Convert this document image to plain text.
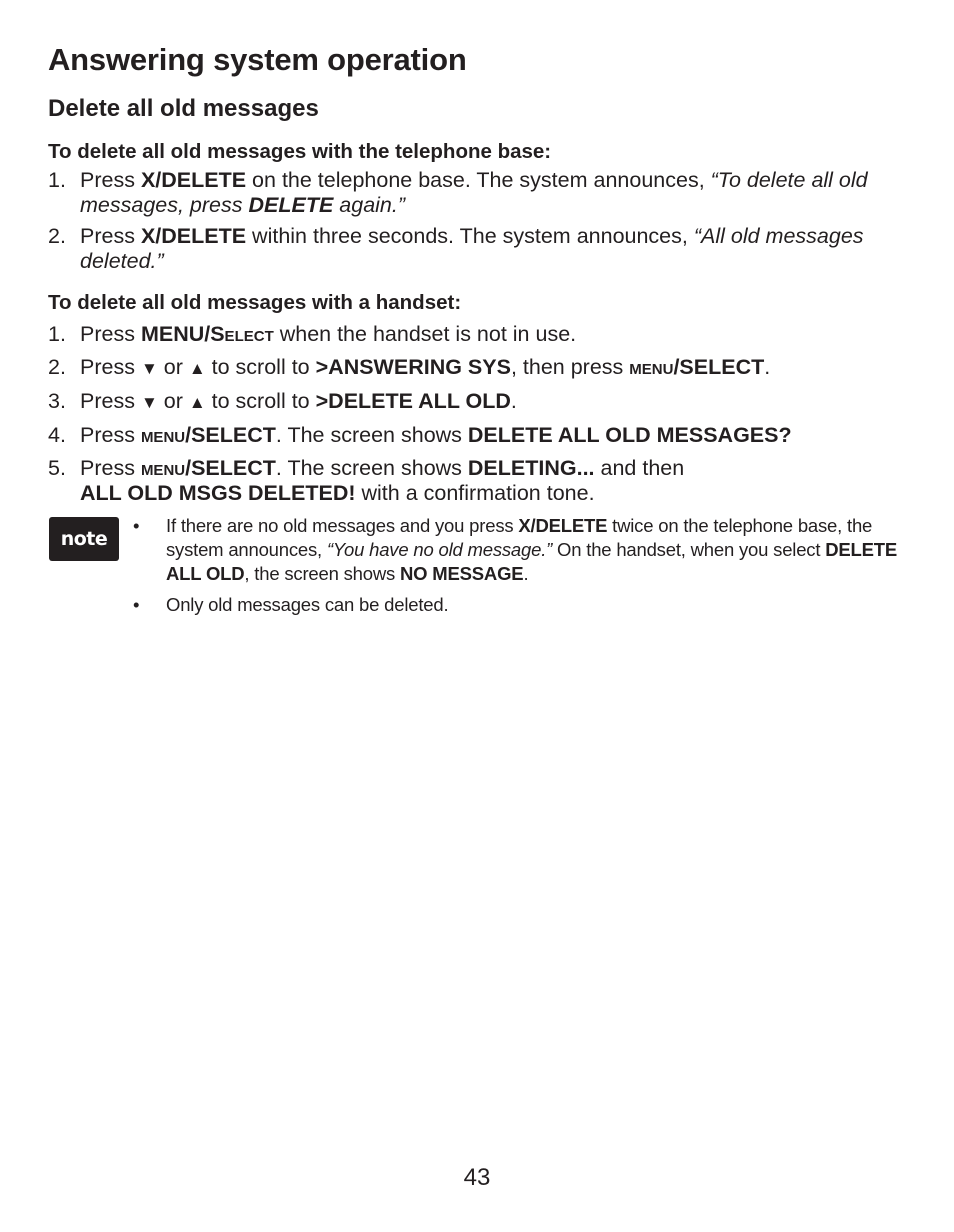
Answering system operation
Delete all old messages
To delete all old messages with the telephone base:
1. Press X/DELETE on the telephone base. The system announces, “To delete all old messages, press DELETE again.”
2. Press X/DELETE within three seconds. The system announces, “All old messages deleted.”
To delete all old messages with a handset:
1. Press MENU/Select when the handset is not in use.
2. Press ▼ or ▲ to scroll to >ANSWERING SYS, then press menu/SELECT.
3. Press ▼ or ▲ to scroll to >DELETE ALL OLD.
4. Press menu/SELECT. The screen shows DELETE ALL OLD MESSAGES?
5. Press menu/SELECT. The screen shows DELETING... and then
ALL OLD MSGS DELETED! with a confirmation tone.
note
• If there are no old messages and you press X/DELETE twice on the telephone base, the system announces, “You have no old message.” On the handset, when you select DELETE ALL OLD, the screen shows NO MESSAGE.
• Only old messages can be deleted.
43
